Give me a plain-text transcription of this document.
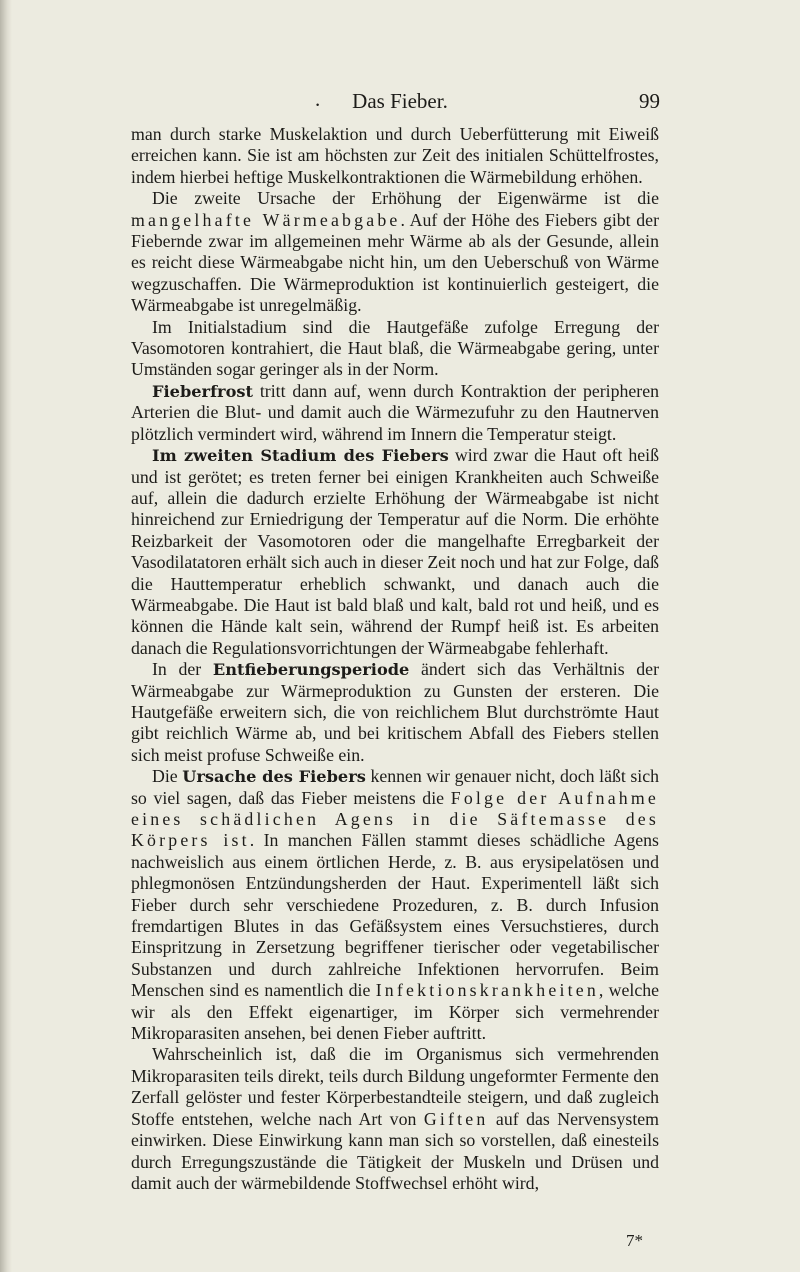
.	Das Fieber.	99

man durch starke Muskelaktion und durch Ueberfütterung mit Eiweiß erreichen kann. Sie ist am höchsten zur Zeit des initialen Schüttelfrostes, indem hierbei heftige Muskelkontraktionen die Wärmebildung erhöhen.

Die zweite Ursache der Erhöhung der Eigenwärme ist die mangelhafte Wärmeabgabe. Auf der Höhe des Fiebers gibt der Fiebernde zwar im allgemeinen mehr Wärme ab als der Gesunde, allein es reicht diese Wärmeabgabe nicht hin, um den Ueberschuß von Wärme wegzuschaffen. Die Wärmeproduktion ist kontinuierlich gesteigert, die Wärmeabgabe ist unregelmäßig.

Im Initialstadium sind die Hautgefäße zufolge Erregung der Vasomotoren kontrahiert, die Haut blaß, die Wärmeabgabe gering, unter Umständen sogar geringer als in der Norm.

Fieberfrost tritt dann auf, wenn durch Kontraktion der peripheren Arterien die Blut- und damit auch die Wärmezufuhr zu den Hautnerven plötzlich vermindert wird, während im Innern die Temperatur steigt.

Im zweiten Stadium des Fiebers wird zwar die Haut oft heiß und ist gerötet; es treten ferner bei einigen Krankheiten auch Schweiße auf, allein die dadurch erzielte Erhöhung der Wärmeabgabe ist nicht hinreichend zur Erniedrigung der Temperatur auf die Norm. Die erhöhte Reizbarkeit der Vasomotoren oder die mangelhafte Erregbarkeit der Vasodilatatoren erhält sich auch in dieser Zeit noch und hat zur Folge, daß die Hauttemperatur erheblich schwankt, und danach auch die Wärmeabgabe. Die Haut ist bald blaß und kalt, bald rot und heiß, und es können die Hände kalt sein, während der Rumpf heiß ist. Es arbeiten danach die Regulationsvorrichtungen der Wärmeabgabe fehlerhaft.

In der Entfieberungsperiode ändert sich das Verhältnis der Wärmeabgabe zur Wärmeproduktion zu Gunsten der ersteren. Die Hautgefäße erweitern sich, die von reichlichem Blut durchströmte Haut gibt reichlich Wärme ab, und bei kritischem Abfall des Fiebers stellen sich meist profuse Schweiße ein.

Die Ursache des Fiebers kennen wir genauer nicht, doch läßt sich so viel sagen, daß das Fieber meistens die Folge der Aufnahme eines schädlichen Agens in die Säftemasse des Körpers ist. In manchen Fällen stammt dieses schädliche Agens nachweislich aus einem örtlichen Herde, z. B. aus erysipelatösen und phlegmonösen Entzündungsherden der Haut. Experimentell läßt sich Fieber durch sehr verschiedene Prozeduren, z. B. durch Infusion fremdartigen Blutes in das Gefäßsystem eines Versuchstieres, durch Einspritzung in Zersetzung begriffener tierischer oder vegetabilischer Substanzen und durch zahlreiche Infektionen hervorrufen. Beim Menschen sind es namentlich die Infektionskrankheiten, welche wir als den Effekt eigenartiger, im Körper sich vermehrender Mikroparasiten ansehen, bei denen Fieber auftritt.

Wahrscheinlich ist, daß die im Organismus sich vermehrenden Mikroparasiten teils direkt, teils durch Bildung ungeformter Fermente den Zerfall gelöster und fester Körperbestandteile steigern, und daß zugleich Stoffe entstehen, welche nach Art von Giften auf das Nervensystem einwirken. Diese Einwirkung kann man sich so vorstellen, daß einesteils durch Erregungszustände die Tätigkeit der Muskeln und Drüsen und damit auch der wärmebildende Stoffwechsel erhöht wird,

7*
